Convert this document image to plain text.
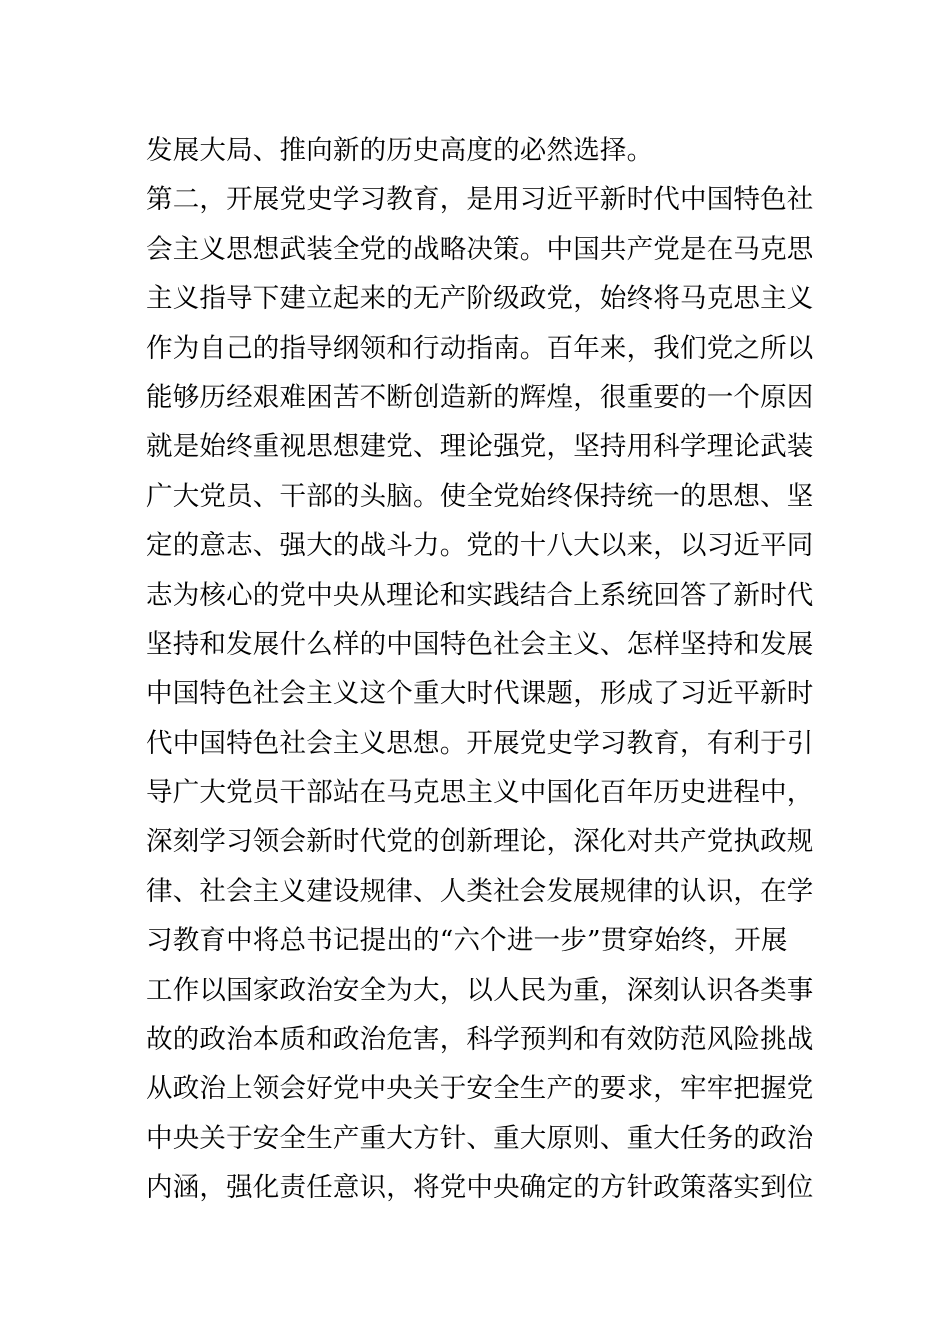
发展大局、推向新的历史高度的必然选择。
第二，开展党史学习教育，是用习近平新时代中国特色社
会主义思想武装全党的战略决策。中国共产党是在马克思
主义指导下建立起来的无产阶级政党，始终将马克思主义
作为自己的指导纲领和行动指南。百年来，我们党之所以
能够历经艰难困苦不断创造新的辉煌，很重要的一个原因
就是始终重视思想建党、理论强党，坚持用科学理论武装
广大党员、干部的头脑。使全党始终保持统一的思想、坚
定的意志、强大的战斗力。党的十八大以来，以习近平同
志为核心的党中央从理论和实践结合上系统回答了新时代
坚持和发展什么样的中国特色社会主义、怎样坚持和发展
中国特色社会主义这个重大时代课题，形成了习近平新时
代中国特色社会主义思想。开展党史学习教育，有利于引
导广大党员干部站在马克思主义中国化百年历史进程中，
深刻学习领会新时代党的创新理论，深化对共产党执政规
律、社会主义建设规律、人类社会发展规律的认识，在学
习教育中将总书记提出的“六个进一步”贯穿始终，开展
工作以国家政治安全为大，以人民为重，深刻认识各类事
故的政治本质和政治危害，科学预判和有效防范风险挑战
从政治上领会好党中央关于安全生产的要求，牢牢把握党
中央关于安全生产重大方针、重大原则、重大任务的政治
内涵，强化责任意识，将党中央确定的方针政策落实到位
